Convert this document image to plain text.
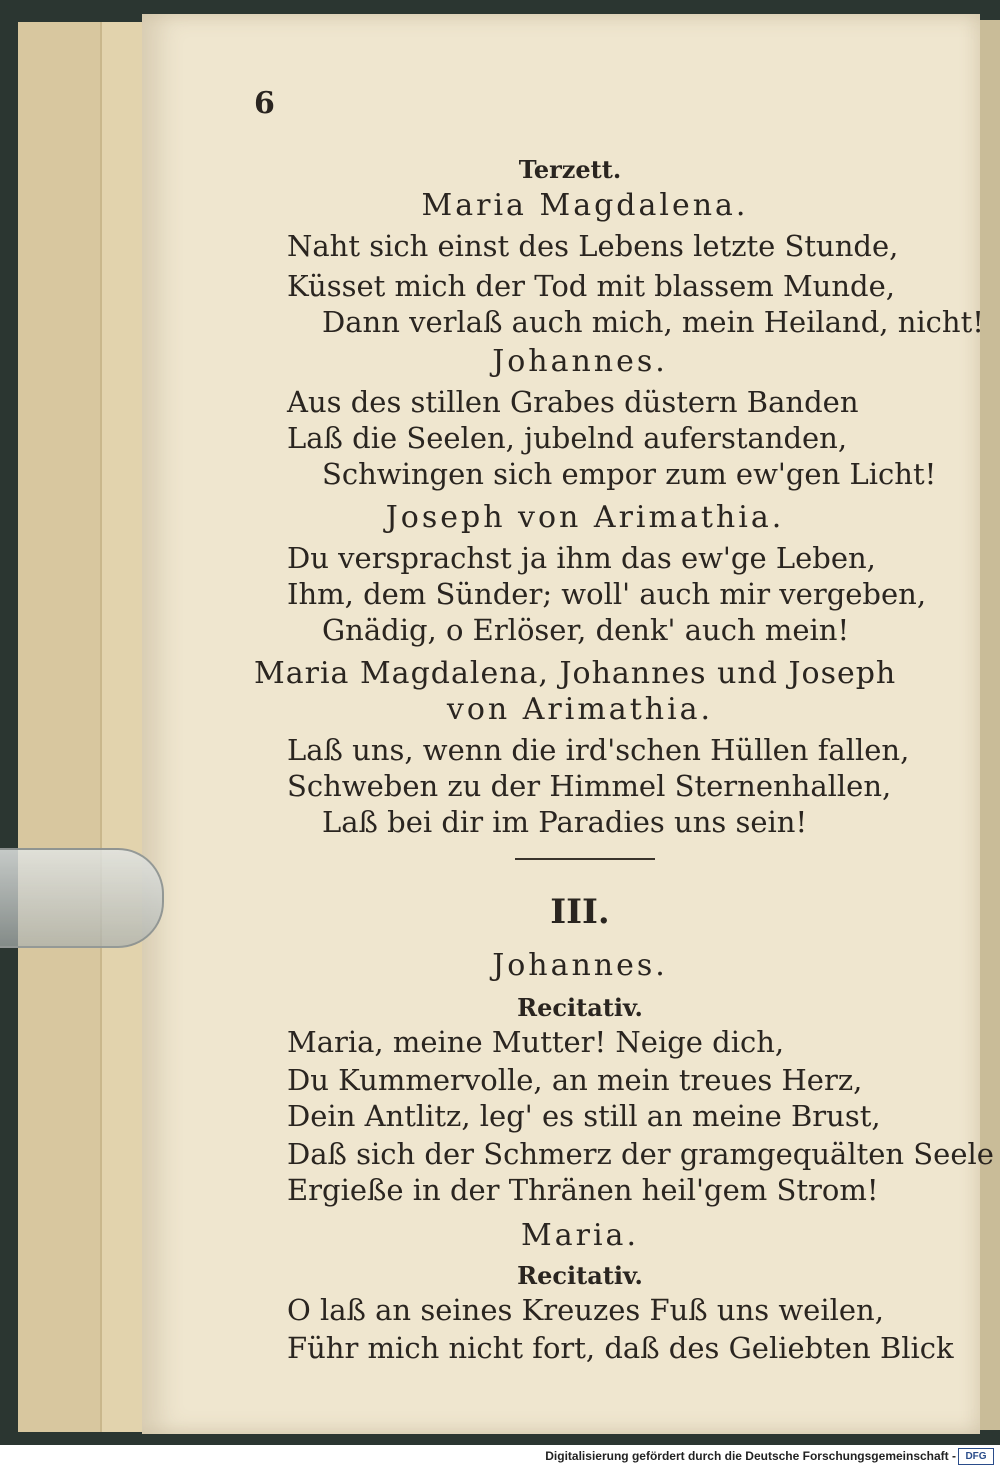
6
Terzett.
Maria Magdalena.
Naht sich einst des Lebens letzte Stunde,
Küsset mich der Tod mit blassem Munde,
Dann verlaß auch mich, mein Heiland, nicht!
Johannes.
Aus des stillen Grabes düstern Banden
Laß die Seelen, jubelnd auferstanden,
Schwingen sich empor zum ew'gen Licht!
Joseph von Arimathia.
Du versprachst ja ihm das ew'ge Leben,
Ihm, dem Sünder; woll' auch mir vergeben,
Gnädig, o Erlöser, denk' auch mein!
Maria Magdalena, Johannes und Joseph
von Arimathia.
Laß uns, wenn die ird'schen Hüllen fallen,
Schweben zu der Himmel Sternenhallen,
Laß bei dir im Paradies uns sein!
III.
Johannes.
Recitativ.
Maria, meine Mutter! Neige dich,
Du Kummervolle, an mein treues Herz,
Dein Antlitz, leg' es still an meine Brust,
Daß sich der Schmerz der gramgequälten Seele
Ergieße in der Thränen heil'gem Strom!
Maria.
Recitativ.
O laß an seines Kreuzes Fuß uns weilen,
Führ mich nicht fort, daß des Geliebten Blick
Digitalisierung gefördert durch die Deutsche Forschungsgemeinschaft - DFG
